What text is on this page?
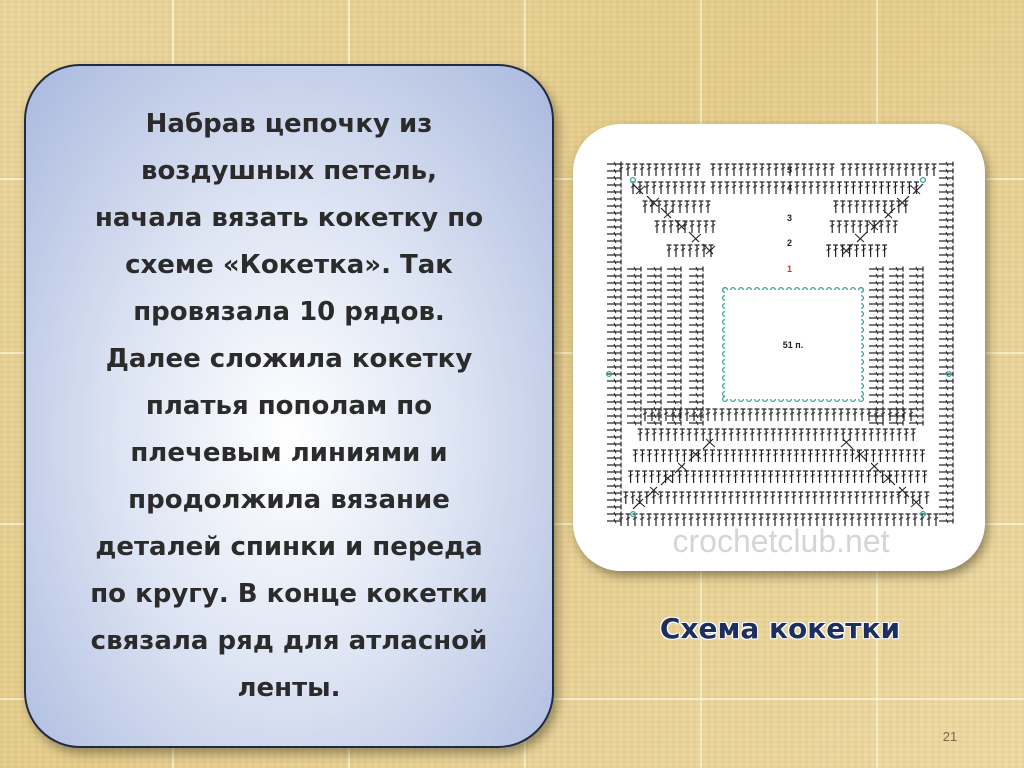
Набрав цепочку из
воздушных петель,
начала вязать кокетку по
схеме «Кокетка». Так
провязала 10 рядов.
Далее сложила кокетку
платья пополам по
плечевым линиями и
продолжила вязание
деталей спинки и переда
по кругу. В конце кокетки
связала ряд для атласной
ленты.

51 п.
5
4
3
2
1
crochetclub.net
Схема кокетки
21
